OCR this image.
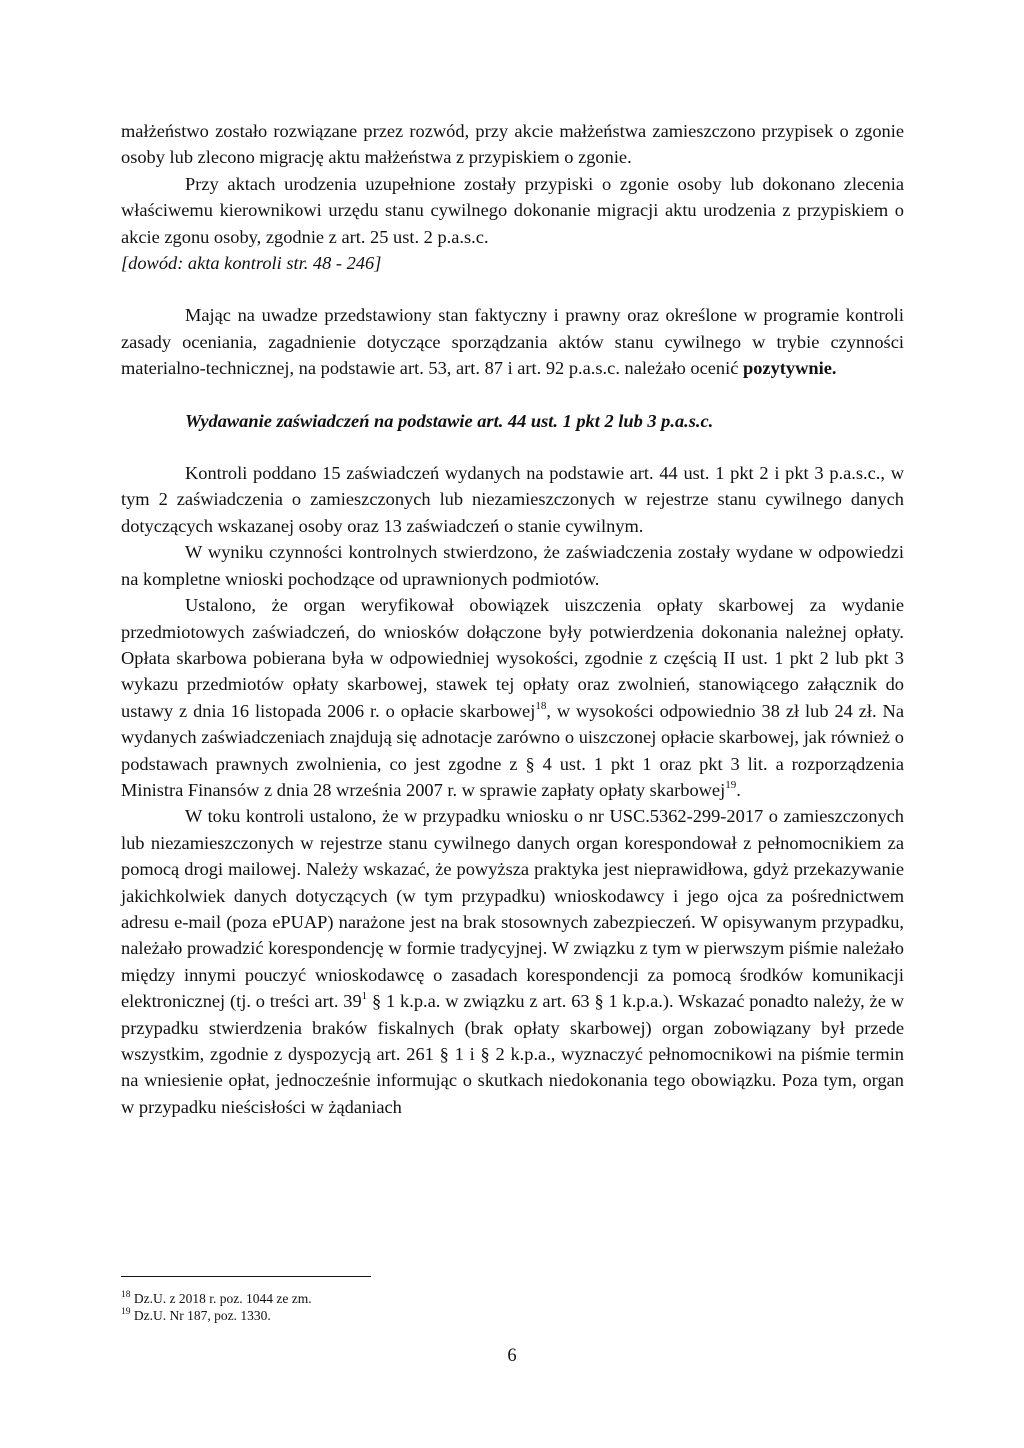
małżeństwo zostało rozwiązane przez rozwód, przy akcie małżeństwa zamieszczono przypisek o zgonie osoby lub zlecono migrację aktu małżeństwa z przypiskiem o zgonie.

Przy aktach urodzenia uzupełnione zostały przypiski o zgonie osoby lub dokonano zlecenia właściwemu kierownikowi urzędu stanu cywilnego dokonanie migracji aktu urodzenia z przypiskiem o akcie zgonu osoby, zgodnie z art. 25 ust. 2 p.a.s.c.

[dowód: akta kontroli str. 48 - 246]

Mając na uwadze przedstawiony stan faktyczny i prawny oraz określone w programie kontroli zasady oceniania, zagadnienie dotyczące sporządzania aktów stanu cywilnego w trybie czynności materialno-technicznej, na podstawie art. 53, art. 87 i art. 92 p.a.s.c. należało ocenić pozytywnie.

Wydawanie zaświadczeń na podstawie art. 44 ust. 1 pkt 2 lub 3 p.a.s.c.

Kontroli poddano 15 zaświadczeń wydanych na podstawie art. 44 ust. 1 pkt 2 i pkt 3 p.a.s.c., w tym 2 zaświadczenia o zamieszczonych lub niezamieszczonych w rejestrze stanu cywilnego danych dotyczących wskazanej osoby oraz 13 zaświadczeń o stanie cywilnym.

W wyniku czynności kontrolnych stwierdzono, że zaświadczenia zostały wydane w odpowiedzi na kompletne wnioski pochodzące od uprawnionych podmiotów.

Ustalono, że organ weryfikował obowiązek uiszczenia opłaty skarbowej za wydanie przedmiotowych zaświadczeń, do wniosków dołączone były potwierdzenia dokonania należnej opłaty. Opłata skarbowa pobierana była w odpowiedniej wysokości, zgodnie z częścią II ust. 1 pkt 2 lub pkt 3 wykazu przedmiotów opłaty skarbowej, stawek tej opłaty oraz zwolnień, stanowiącego załącznik do ustawy z dnia 16 listopada 2006 r. o opłacie skarbowej$^{18}$, w wysokości odpowiednio 38 zł lub 24 zł. Na wydanych zaświadczeniach znajdują się adnotacje zarówno o uiszczonej opłacie skarbowej, jak również o podstawach prawnych zwolnienia, co jest zgodne z § 4 ust. 1 pkt 1 oraz pkt 3 lit. a rozporządzenia Ministra Finansów z dnia 28 września 2007 r. w sprawie zapłaty opłaty skarbowej$^{19}$.

W toku kontroli ustalono, że w przypadku wniosku o nr USC.5362-299-2017 o zamieszczonych lub niezamieszczonych w rejestrze stanu cywilnego danych organ korespondował z pełnomocnikiem za pomocą drogi mailowej. Należy wskazać, że powyższa praktyka jest nieprawidłowa, gdyż przekazywanie jakichkolwiek danych dotyczących (w tym przypadku) wnioskodawcy i jego ojca za pośrednictwem adresu e-mail (poza ePUAP) narażone jest na brak stosownych zabezpieczeń. W opisywanym przypadku, należało prowadzić korespondencję w formie tradycyjnej. W związku z tym w pierwszym piśmie należało między innymi pouczyć wnioskodawcę o zasadach korespondencji za pomocą środków komunikacji elektronicznej (tj. o treści art. $39^1$ § 1 k.p.a. w związku z art. 63 § 1 k.p.a.). Wskazać ponadto należy, że w przypadku stwierdzenia braków fiskalnych (brak opłaty skarbowej) organ zobowiązany był przede wszystkim, zgodnie z dyspozycją art. 261 § 1 i § 2 k.p.a., wyznaczyć pełnomocnikowi na piśmie termin na wniesienie opłat, jednocześnie informując o skutkach niedokonania tego obowiązku. Poza tym, organ w przypadku nieścisłości w żądaniach

$^{18}$ Dz.U. z 2018 r. poz. 1044 ze zm.
$^{19}$ Dz.U. Nr 187, poz. 1330.
6
